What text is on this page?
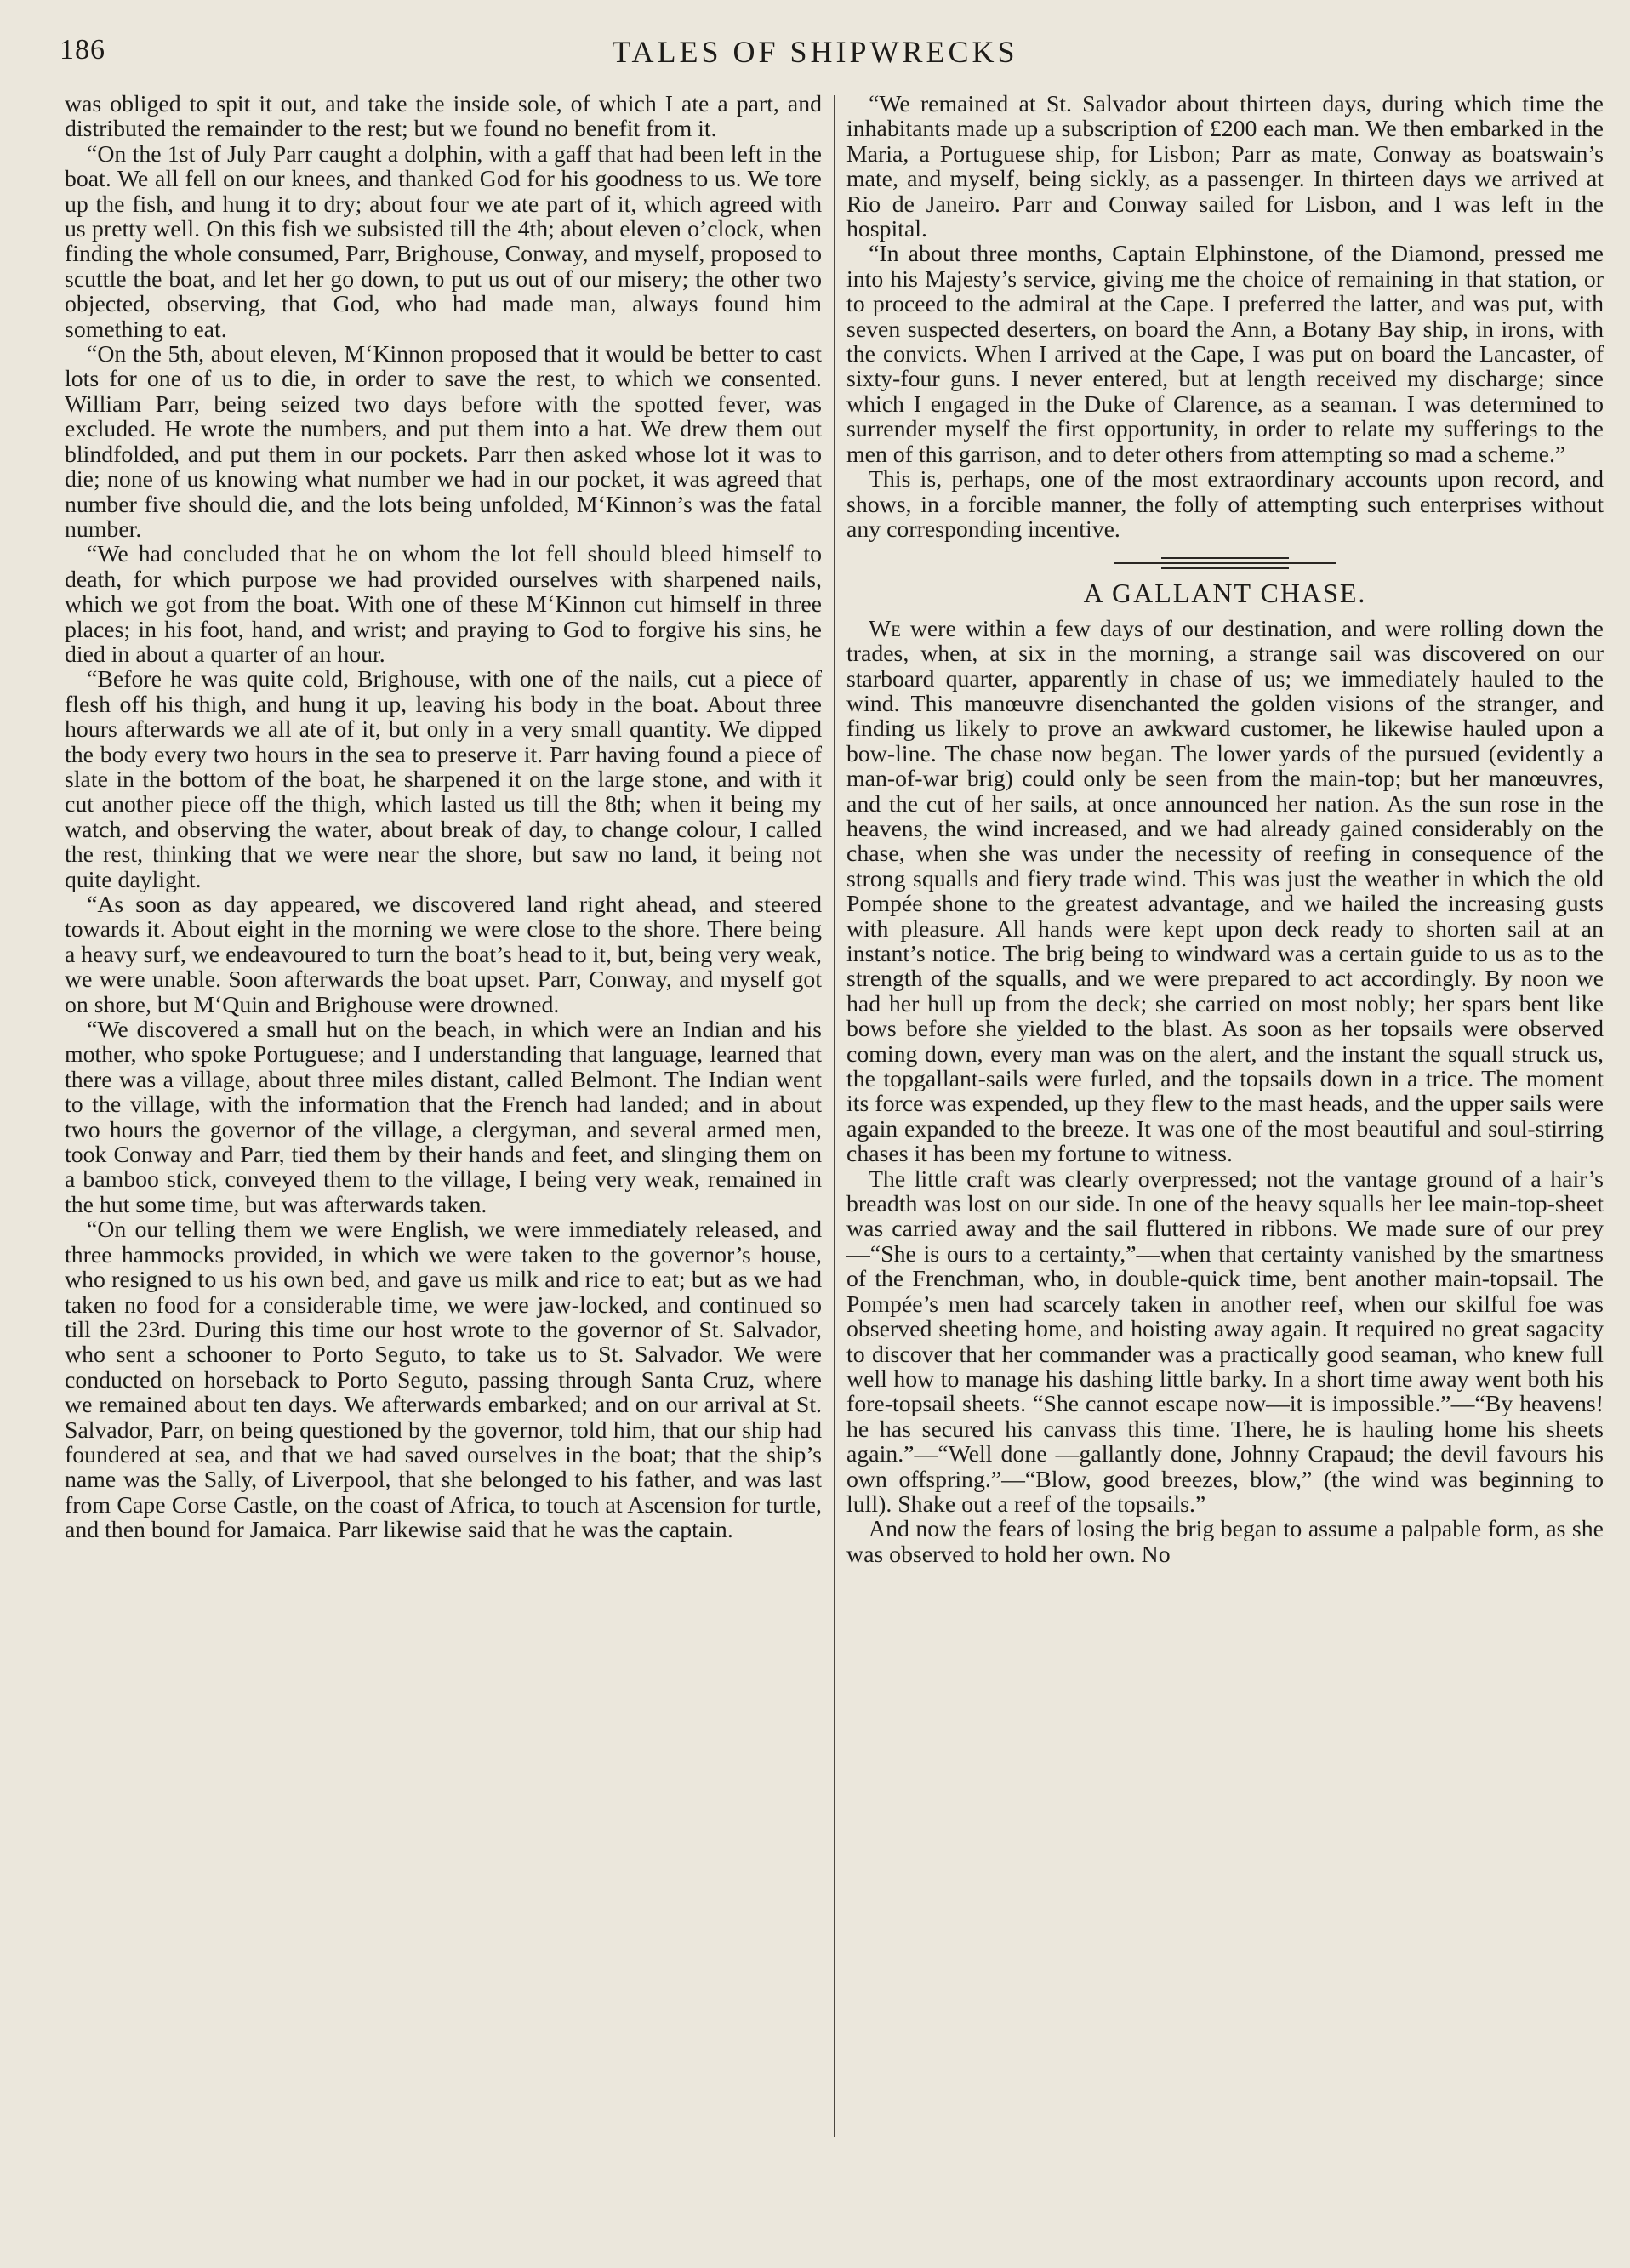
186	TALES OF SHIPWRECKS

was obliged to spit it out, and take the inside sole, of which I ate a part, and distributed the remainder to the rest; but we found no benefit from it.

“On the 1st of July Parr caught a dolphin, with a gaff that had been left in the boat. We all fell on our knees, and thanked God for his goodness to us. We tore up the fish, and hung it to dry; about four we ate part of it, which agreed with us pretty well. On this fish we subsisted till the 4th; about eleven o’clock, when finding the whole consumed, Parr, Brighouse, Conway, and myself, proposed to scuttle the boat, and let her go down, to put us out of our misery; the other two objected, observing, that God, who had made man, always found him something to eat.

“On the 5th, about eleven, M‘Kinnon proposed that it would be better to cast lots for one of us to die, in order to save the rest, to which we consented. William Parr, being seized two days before with the spotted fever, was excluded. He wrote the numbers, and put them into a hat. We drew them out blindfolded, and put them in our pockets. Parr then asked whose lot it was to die; none of us knowing what number we had in our pocket, it was agreed that number five should die, and the lots being unfolded, M‘Kinnon’s was the fatal number.

“We had concluded that he on whom the lot fell should bleed himself to death, for which purpose we had provided ourselves with sharpened nails, which we got from the boat. With one of these M‘Kinnon cut himself in three places; in his foot, hand, and wrist; and praying to God to forgive his sins, he died in about a quarter of an hour.

“Before he was quite cold, Brighouse, with one of the nails, cut a piece of flesh off his thigh, and hung it up, leaving his body in the boat. About three hours afterwards we all ate of it, but only in a very small quantity. We dipped the body every two hours in the sea to preserve it. Parr having found a piece of slate in the bottom of the boat, he sharpened it on the large stone, and with it cut another piece off the thigh, which lasted us till the 8th; when it being my watch, and observing the water, about break of day, to change colour, I called the rest, thinking that we were near the shore, but saw no land, it being not quite daylight.

“As soon as day appeared, we discovered land right ahead, and steered towards it. About eight in the morning we were close to the shore. There being a heavy surf, we endeavoured to turn the boat’s head to it, but, being very weak, we were unable. Soon afterwards the boat upset. Parr, Conway, and myself got on shore, but M‘Quin and Brighouse were drowned.

“We discovered a small hut on the beach, in which were an Indian and his mother, who spoke Portuguese; and I understanding that language, learned that there was a village, about three miles distant, called Belmont. The Indian went to the village, with the information that the French had landed; and in about two hours the governor of the village, a clergyman, and several armed men, took Conway and Parr, tied them by their hands and feet, and slinging them on a bamboo stick, conveyed them to the village, I being very weak, remained in the hut some time, but was afterwards taken.

“On our telling them we were English, we were immediately released, and three hammocks provided, in which we were taken to the governor’s house, who resigned to us his own bed, and gave us milk and rice to eat; but as we had taken no food for a considerable time, we were jaw-locked, and continued so till the 23rd. During this time our host wrote to the governor of St. Salvador, who sent a schooner to Porto Seguto, to take us to St. Salvador. We were conducted on horseback to Porto Seguto, passing through Santa Cruz, where we remained about ten days. We afterwards embarked; and on our arrival at St. Salvador, Parr, on being questioned by the governor, told him, that our ship had foundered at sea, and that we had saved ourselves in the boat; that the ship’s name was the Sally, of Liverpool, that she belonged to his father, and was last from Cape Corse Castle, on the coast of Africa, to touch at Ascension for turtle, and then bound for Jamaica. Parr likewise said that he was the captain.

“We remained at St. Salvador about thirteen days, during which time the inhabitants made up a subscription of £200 each man. We then embarked in the Maria, a Portuguese ship, for Lisbon; Parr as mate, Conway as boatswain’s mate, and myself, being sickly, as a passenger. In thirteen days we arrived at Rio de Janeiro. Parr and Conway sailed for Lisbon, and I was left in the hospital.

“In about three months, Captain Elphinstone, of the Diamond, pressed me into his Majesty’s service, giving me the choice of remaining in that station, or to proceed to the admiral at the Cape. I preferred the latter, and was put, with seven suspected deserters, on board the Ann, a Botany Bay ship, in irons, with the convicts. When I arrived at the Cape, I was put on board the Lancaster, of sixty-four guns. I never entered, but at length received my discharge; since which I engaged in the Duke of Clarence, as a seaman. I was determined to surrender myself the first opportunity, in order to relate my sufferings to the men of this garrison, and to deter others from attempting so mad a scheme.”

This is, perhaps, one of the most extraordinary accounts upon record, and shows, in a forcible manner, the folly of attempting such enterprises without any corresponding incentive.

A GALLANT CHASE.

We were within a few days of our destination, and were rolling down the trades, when, at six in the morning, a strange sail was discovered on our starboard quarter, apparently in chase of us; we immediately hauled to the wind. This manœuvre disenchanted the golden visions of the stranger, and finding us likely to prove an awkward customer, he likewise hauled upon a bow-line. The chase now began. The lower yards of the pursued (evidently a man-of-war brig) could only be seen from the main-top; but her manœuvres, and the cut of her sails, at once announced her nation. As the sun rose in the heavens, the wind increased, and we had already gained considerably on the chase, when she was under the necessity of reefing in consequence of the strong squalls and fiery trade wind. This was just the weather in which the old Pompée shone to the greatest advantage, and we hailed the increasing gusts with pleasure. All hands were kept upon deck ready to shorten sail at an instant’s notice. The brig being to windward was a certain guide to us as to the strength of the squalls, and we were prepared to act accordingly. By noon we had her hull up from the deck; she carried on most nobly; her spars bent like bows before she yielded to the blast. As soon as her topsails were observed coming down, every man was on the alert, and the instant the squall struck us, the topgallant-sails were furled, and the topsails down in a trice. The moment its force was expended, up they flew to the mast heads, and the upper sails were again expanded to the breeze. It was one of the most beautiful and soul-stirring chases it has been my fortune to witness.

The little craft was clearly overpressed; not the vantage ground of a hair’s breadth was lost on our side. In one of the heavy squalls her lee main-top-sheet was carried away and the sail fluttered in ribbons. We made sure of our prey —“She is ours to a certainty,”—when that certainty vanished by the smartness of the Frenchman, who, in double-quick time, bent another main-topsail. The Pompée’s men had scarcely taken in another reef, when our skilful foe was observed sheeting home, and hoisting away again. It required no great sagacity to discover that her commander was a practically good seaman, who knew full well how to manage his dashing little barky. In a short time away went both his fore-topsail sheets. “She cannot escape now—it is impossible.”—“By heavens! he has secured his canvass this time. There, he is hauling home his sheets again.”—“Well done —gallantly done, Johnny Crapaud; the devil favours his own offspring.”—“Blow, good breezes, blow,” (the wind was beginning to lull). Shake out a reef of the topsails.”

And now the fears of losing the brig began to assume a palpable form, as she was observed to hold her own. No
